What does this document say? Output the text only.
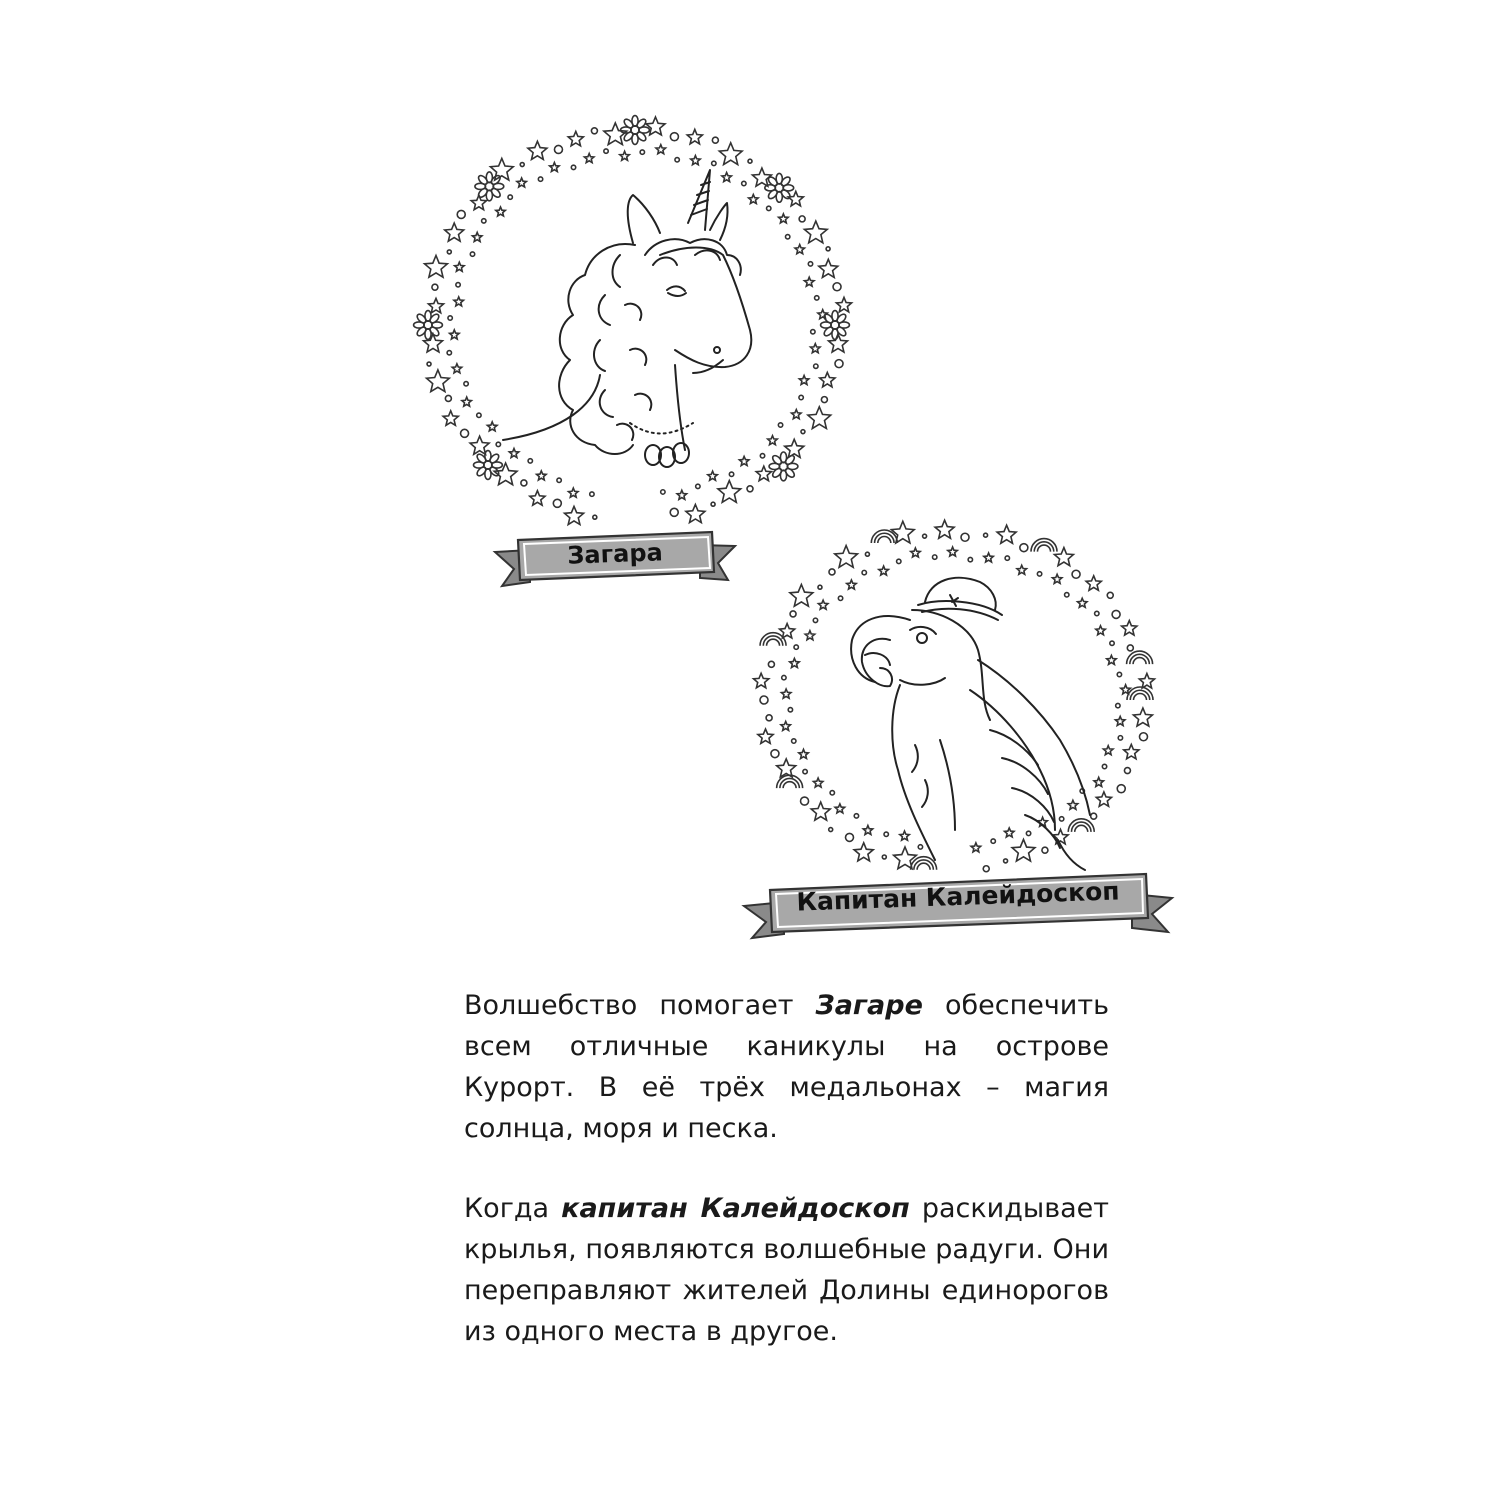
Загара
Капитан Калейдоскоп

Волшебство помогает Загаре обеспечить всем отличные каникулы на острове Курорт. В её трёх медальонах – магия солнца, моря и песка.

Когда капитан Калейдоскоп раскидывает крылья, появляются волшебные радуги. Они переправляют жителей Долины единорогов из одного места в другое.
